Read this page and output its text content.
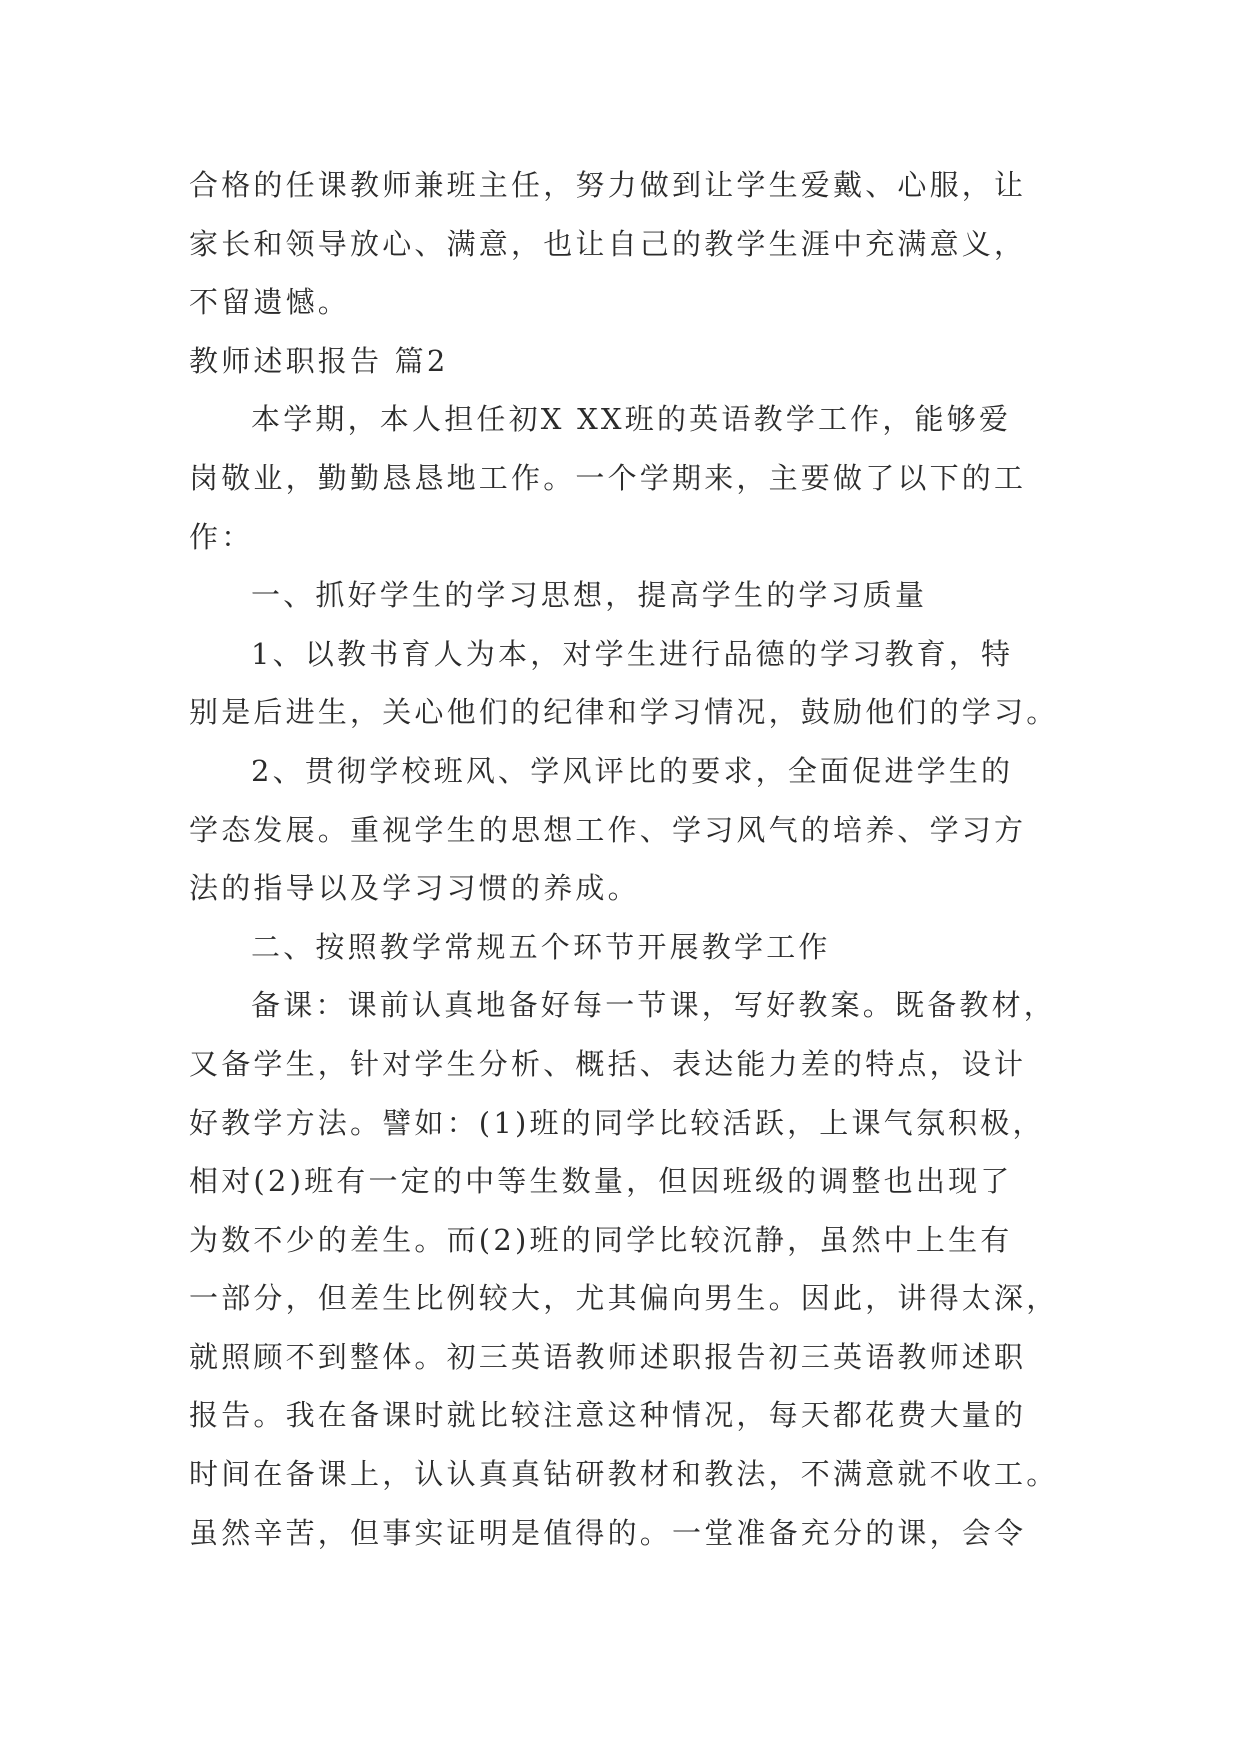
合格的任课教师兼班主任，努力做到让学生爱戴、心服，让

家长和领导放心、满意，也让自己的教学生涯中充满意义，

不留遗憾。

教师述职报告 篇2

本学期，本人担任初X XX班的英语教学工作，能够爱

岗敬业，勤勤恳恳地工作。一个学期来，主要做了以下的工

作：

一、抓好学生的学习思想，提高学生的学习质量

1、以教书育人为本，对学生进行品德的学习教育，特

别是后进生，关心他们的纪律和学习情况，鼓励他们的学习。

2、贯彻学校班风、学风评比的要求，全面促进学生的

学态发展。重视学生的思想工作、学习风气的培养、学习方

法的指导以及学习习惯的养成。

二、按照教学常规五个环节开展教学工作

备课：课前认真地备好每一节课，写好教案。既备教材，

又备学生，针对学生分析、概括、表达能力差的特点，设计

好教学方法。譬如：(1)班的同学比较活跃，上课气氛积极，

相对(2)班有一定的中等生数量，但因班级的调整也出现了

为数不少的差生。而(2)班的同学比较沉静，虽然中上生有

一部分，但差生比例较大，尤其偏向男生。因此，讲得太深，

就照顾不到整体。初三英语教师述职报告初三英语教师述职

报告。我在备课时就比较注意这种情况，每天都花费大量的

时间在备课上，认认真真钻研教材和教法，不满意就不收工。

虽然辛苦，但事实证明是值得的。一堂准备充分的课，会令
